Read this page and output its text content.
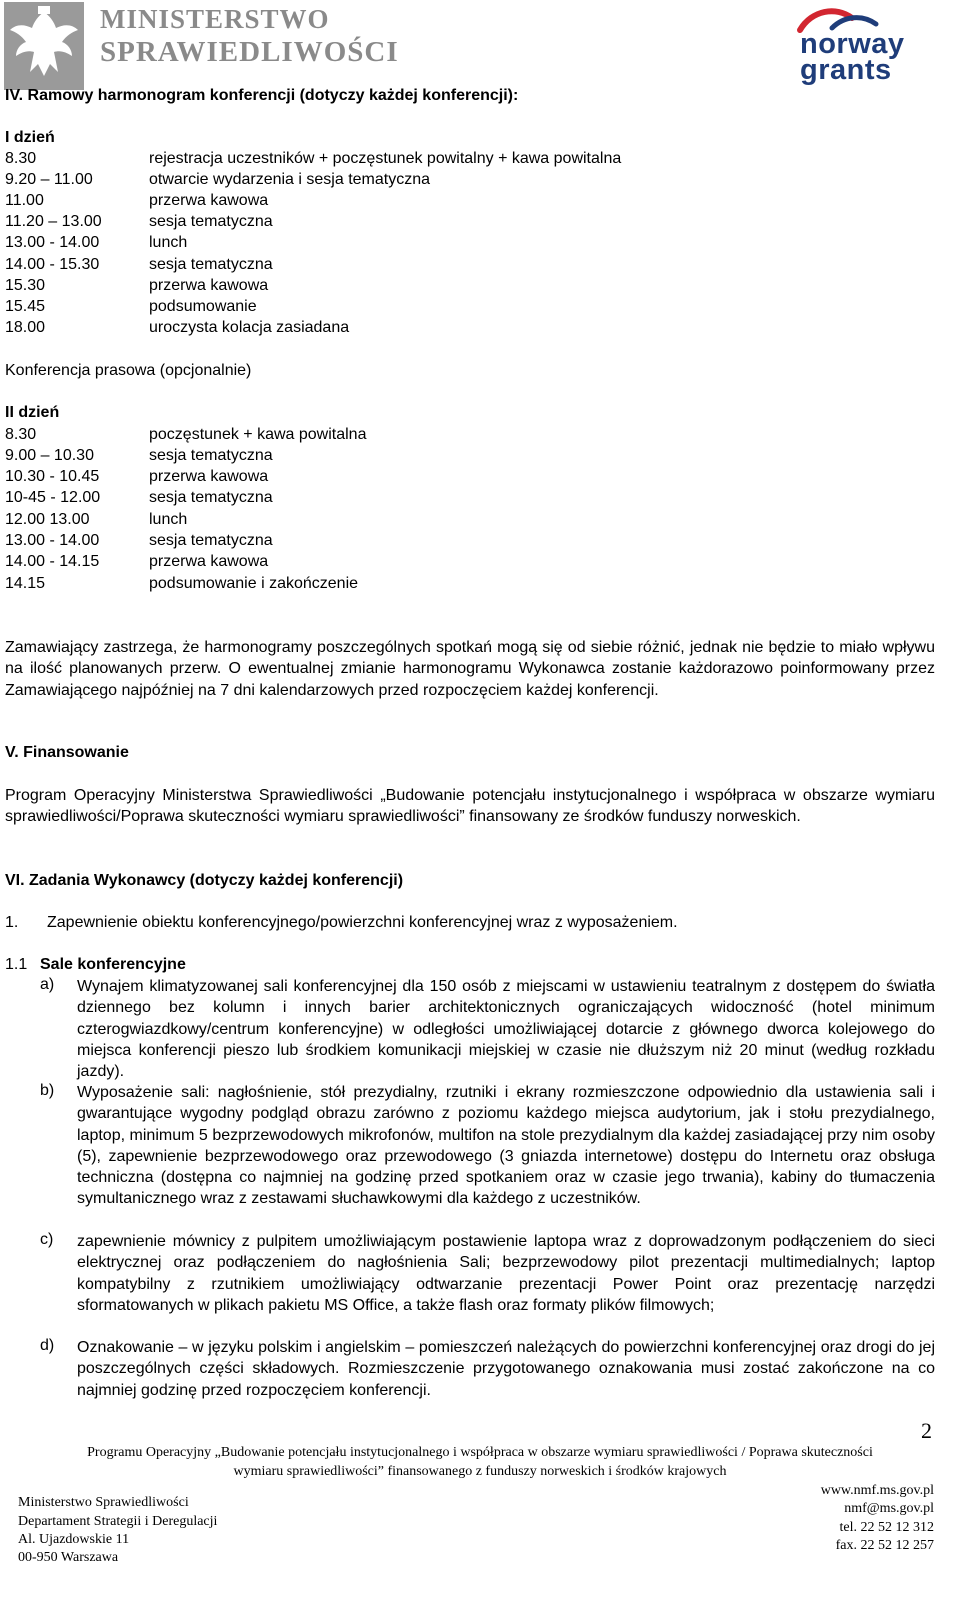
MINISTERSTWO
SPRAWIEDLIWOŚCI	norway
grants
IV. Ramowy harmonogram konferencji (dotyczy każdej konferencji):
I dzień
8.30	rejestracja uczestników + poczęstunek powitalny + kawa powitalna
9.20 – 11.00	otwarcie wydarzenia i sesja tematyczna
11.00	przerwa kawowa
11.20 – 13.00	sesja tematyczna
13.00 - 14.00	lunch
14.00 - 15.30	sesja tematyczna
15.30	przerwa kawowa
15.45	podsumowanie
18.00	uroczysta kolacja zasiadana
Konferencja prasowa (opcjonalnie)
II dzień
8.30	poczęstunek + kawa powitalna
9.00 – 10.30	sesja tematyczna
10.30 - 10.45	przerwa kawowa
10-45 - 12.00	sesja tematyczna
12.00 13.00	lunch
13.00 - 14.00	sesja tematyczna
14.00 - 14.15	przerwa kawowa
14.15	podsumowanie i zakończenie
Zamawiający zastrzega, że harmonogramy poszczególnych spotkań mogą się od siebie różnić, jednak nie będzie to miało wpływu na ilość planowanych przerw. O ewentualnej zmianie harmonogramu Wykonawca zostanie każdorazowo poinformowany przez Zamawiającego najpóźniej na 7 dni kalendarzowych przed rozpoczęciem każdej konferencji.
V. Finansowanie
Program Operacyjny Ministerstwa Sprawiedliwości „Budowanie potencjału instytucjonalnego i współpraca w obszarze wymiaru sprawiedliwości/Poprawa skuteczności wymiaru sprawiedliwości” finansowany ze środków funduszy norweskich.
VI. Zadania Wykonawcy (dotyczy każdej konferencji)
1. Zapewnienie obiektu konferencyjnego/powierzchni konferencyjnej wraz z wyposażeniem.
1.1 Sale konferencyjne
a) Wynajem klimatyzowanej sali konferencyjnej dla 150 osób z miejscami w ustawieniu teatralnym z dostępem do światła dziennego bez kolumn i innych barier architektonicznych ograniczających widoczność (hotel minimum czterogwiazdkowy/centrum konferencyjne) w odległości umożliwiającej dotarcie z głównego dworca kolejowego do miejsca konferencji pieszo lub środkiem komunikacji miejskiej w czasie nie dłuższym niż 20 minut (według rozkładu jazdy).
b) Wyposażenie sali: nagłośnienie, stół prezydialny, rzutniki i ekrany rozmieszczone odpowiednio dla ustawienia sali i gwarantujące wygodny podgląd obrazu zarówno z poziomu każdego miejsca audytorium, jak i stołu prezydialnego, laptop, minimum 5 bezprzewodowych mikrofonów, multifon na stole prezydialnym dla każdej zasiadającej przy nim osoby (5), zapewnienie bezprzewodowego oraz przewodowego (3 gniazda internetowe) dostępu do Internetu oraz obsługa techniczna (dostępna co najmniej na godzinę przed spotkaniem oraz w czasie jego trwania), kabiny do tłumaczenia symultanicznego wraz z zestawami słuchawkowymi dla każdego z uczestników.
c) zapewnienie mównicy z pulpitem umożliwiającym postawienie laptopa wraz z doprowadzonym podłączeniem do sieci elektrycznej oraz podłączeniem do nagłośnienia Sali; bezprzewodowy pilot prezentacji multimedialnych; laptop kompatybilny z rzutnikiem umożliwiający odtwarzanie prezentacji Power Point oraz prezentację narzędzi sformatowanych w plikach pakietu MS Office, a także flash oraz formaty plików filmowych;
d) Oznakowanie – w języku polskim i angielskim – pomieszczeń należących do powierzchni konferencyjnej oraz drogi do jej poszczególnych części składowych. Rozmieszczenie przygotowanego oznakowania musi zostać zakończone na co najmniej godzinę przed rozpoczęciem konferencji.
2
Programu Operacyjny „Budowanie potencjału instytucjonalnego i współpraca w obszarze wymiaru sprawiedliwości / Poprawa skuteczności
wymiaru sprawiedliwości” finansowanego z funduszy norweskich i środków krajowych
Ministerstwo Sprawiedliwości
Departament Strategii i Deregulacji
Al. Ujazdowskie 11
00-950 Warszawa
www.nmf.ms.gov.pl
nmf@ms.gov.pl
tel. 22 52 12 312
fax. 22 52 12 257
